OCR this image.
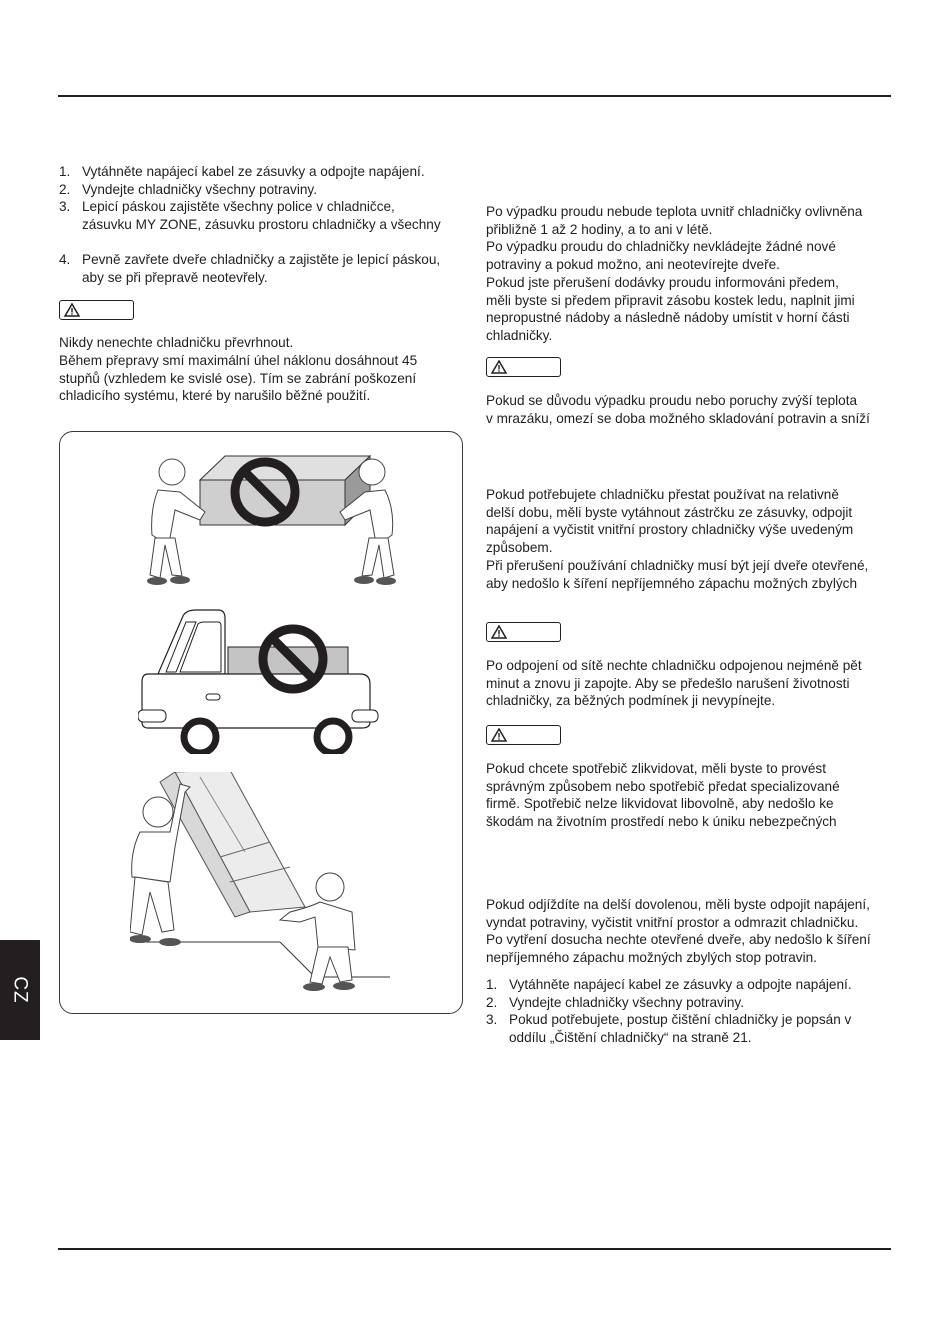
CZ
1. Vytáhněte napájecí kabel ze zásuvky a odpojte napájení.
2. Vyndejte chladničky všechny potraviny.
3. Lepicí páskou zajistěte všechny police v chladničce,
zásuvku MY ZONE, zásuvku prostoru chladničky a všechny
4. Pevně zavřete dveře chladničky a zajistěte je lepicí páskou,
aby se při přepravě neotevřely.

Nikdy nenechte chladničku převrhnout.

Během přepravy smí maximální úhel náklonu dosáhnout 45

stupňů (vzhledem ke svislé ose). Tím se zabrání poškození

chladicího systému, které by narušilo běžné použití.

Po výpadku proudu nebude teplota uvnitř chladničky ovlivněna

přibližně 1 až 2 hodiny, a to ani v létě.

Po výpadku proudu do chladničky nevkládejte žádné nové

potraviny a pokud možno, ani neotevírejte dveře.

Pokud jste přerušení dodávky proudu informováni předem,

měli byste si předem připravit zásobu kostek ledu, naplnit jimi

nepropustné nádoby a následně nádoby umístit v horní části

chladničky.

Pokud se důvodu výpadku proudu nebo poruchy zvýší teplota

v mrazáku, omezí se doba možného skladování potravin a sníží

Pokud potřebujete chladničku přestat používat na relativně

delší dobu, měli byste vytáhnout zástrčku ze zásuvky, odpojit

napájení a vyčistit vnitřní prostory chladničky výše uvedeným

způsobem.

Při přerušení používání chladničky musí být její dveře otevřené,

aby nedošlo k šíření nepříjemného zápachu možných zbylých

Po odpojení od sítě nechte chladničku odpojenou nejméně pět

minut a znovu ji zapojte. Aby se předešlo narušení životnosti

chladničky, za běžných podmínek ji nevypínejte.

Pokud chcete spotřebič zlikvidovat, měli byste to provést

správným způsobem nebo spotřebič předat specializované

firmě. Spotřebič nelze likvidovat libovolně, aby nedošlo ke

škodám na životním prostředí nebo k úniku nebezpečných

Pokud odjíždíte na delší dovolenou, měli byste odpojit napájení,

vyndat potraviny, vyčistit vnitřní prostor a odmrazit chladničku.

Po vytření dosucha nechte otevřené dveře, aby nedošlo k šíření

nepříjemného zápachu možných zbylých stop potravin.

1. Vytáhněte napájecí kabel ze zásuvky a odpojte napájení.
2. Vyndejte chladničky všechny potraviny.
3. Pokud potřebujete, postup čištění chladničky je popsán v
oddílu „Čištění chladničky“ na straně 21.
